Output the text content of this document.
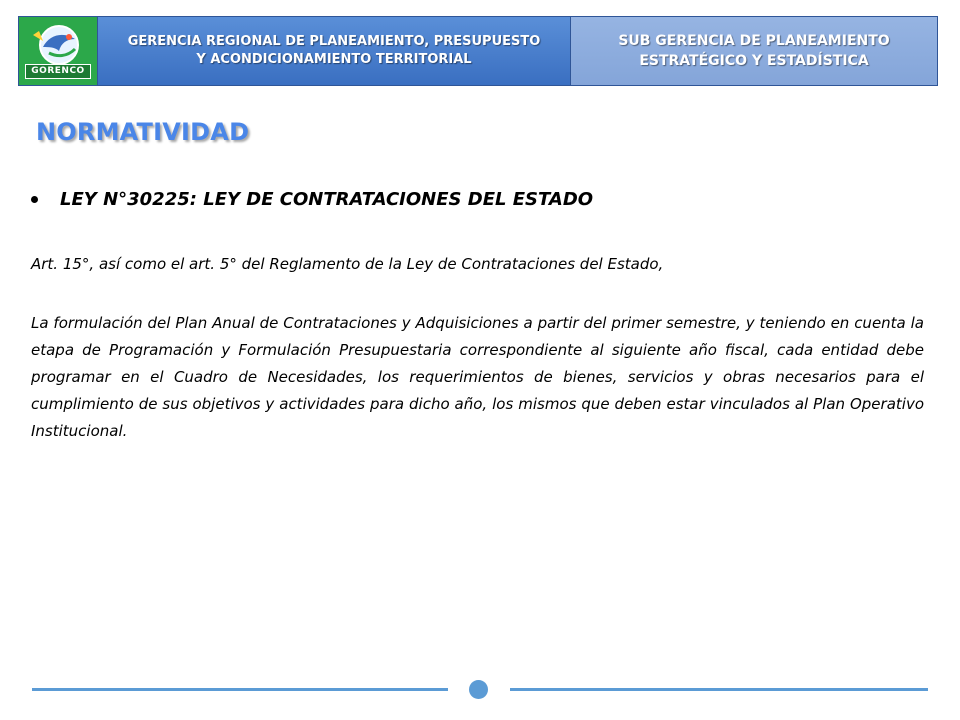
GORENCO
GERENCIA REGIONAL DE PLANEAMIENTO, PRESUPUESTO
Y ACONDICIONAMIENTO TERRITORIAL
SUB GERENCIA DE PLANEAMIENTO
ESTRATÉGICO Y ESTADÍSTICA
NORMATIVIDAD
LEY N°30225: LEY DE CONTRATACIONES DEL ESTADO
Art. 15°, así como el art. 5° del Reglamento de la Ley de Contrataciones del Estado,
La formulación del Plan Anual de Contrataciones y Adquisiciones a partir del primer semestre, y teniendo en cuenta la etapa de Programación y Formulación Presupuestaria correspondiente al siguiente año fiscal, cada entidad debe programar en el Cuadro de Necesidades, los requerimientos de bienes, servicios y obras necesarios para el cumplimiento de sus objetivos y actividades para dicho año, los mismos que deben estar vinculados al Plan Operativo Institucional.
